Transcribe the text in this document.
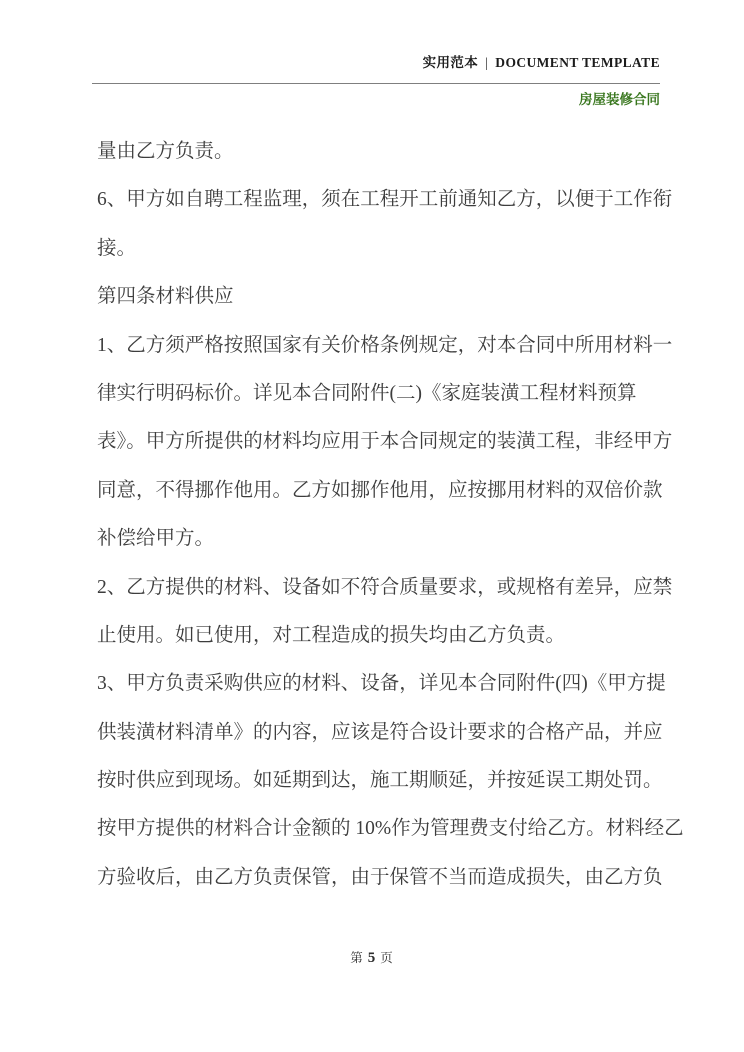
实用范本 | DOCUMENT TEMPLATE
房屋装修合同
量由乙方负责。
6、甲方如自聘工程监理，须在工程开工前通知乙方，以便于工作衔
接。
第四条材料供应
1、乙方须严格按照国家有关价格条例规定，对本合同中所用材料一
律实行明码标价。详见本合同附件(二)《家庭装潢工程材料预算
表》。甲方所提供的材料均应用于本合同规定的装潢工程，非经甲方
同意，不得挪作他用。乙方如挪作他用，应按挪用材料的双倍价款
补偿给甲方。
2、乙方提供的材料、设备如不符合质量要求，或规格有差异，应禁
止使用。如已使用，对工程造成的损失均由乙方负责。
3、甲方负责采购供应的材料、设备，详见本合同附件(四)《甲方提
供装潢材料清单》的内容，应该是符合设计要求的合格产品，并应
按时供应到现场。如延期到达，施工期顺延，并按延误工期处罚。
按甲方提供的材料合计金额的 10%作为管理费支付给乙方。材料经乙
方验收后，由乙方负责保管，由于保管不当而造成损失，由乙方负
第 5 页
